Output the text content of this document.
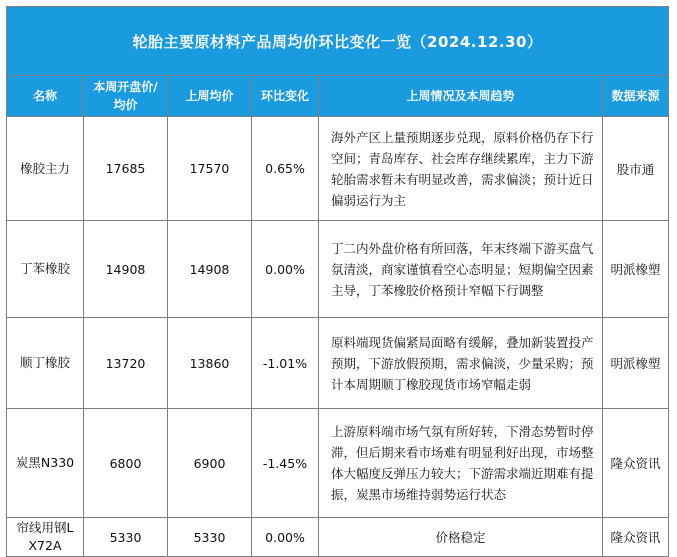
轮胎主要原材料产品周均价环比变化一览（2024.12.30）					
名称	本周开盘价/均价	上周均价	环比变化	上周情况及本周趋势	数据来源
橡胶主力	17685	17570	0.65%	海外产区上量预期逐步兑现，原料价格仍存下行空间；青岛库存、社会库存继续累库，主力下游轮胎需求暂未有明显改善，需求偏淡；预计近日偏弱运行为主	股市通
丁苯橡胶	14908	14908	0.00%	丁二内外盘价格有所回落，年末终端下游买盘气氛清淡，商家谨慎看空心态明显；短期偏空因素主导，丁苯橡胶价格预计窄幅下行调整	明派橡塑
顺丁橡胶	13720	13860	-1.01%	原料端现货偏紧局面略有缓解，叠加新装置投产预期，下游放假预期，需求偏淡，少量采购；预计本周期顺丁橡胶现货市场窄幅走弱	明派橡塑
炭黑N330	6800	6900	-1.45%	上游原料端市场气氛有所好转，下滑态势暂时停滞，但后期来看市场难有明显利好出现，市场整体大幅度反弹压力较大；下游需求端近期难有提振，炭黑市场维持弱势运行状态	隆众资讯
帘线用钢LX72A	5330	5330	0.00%	价格稳定	隆众资讯
